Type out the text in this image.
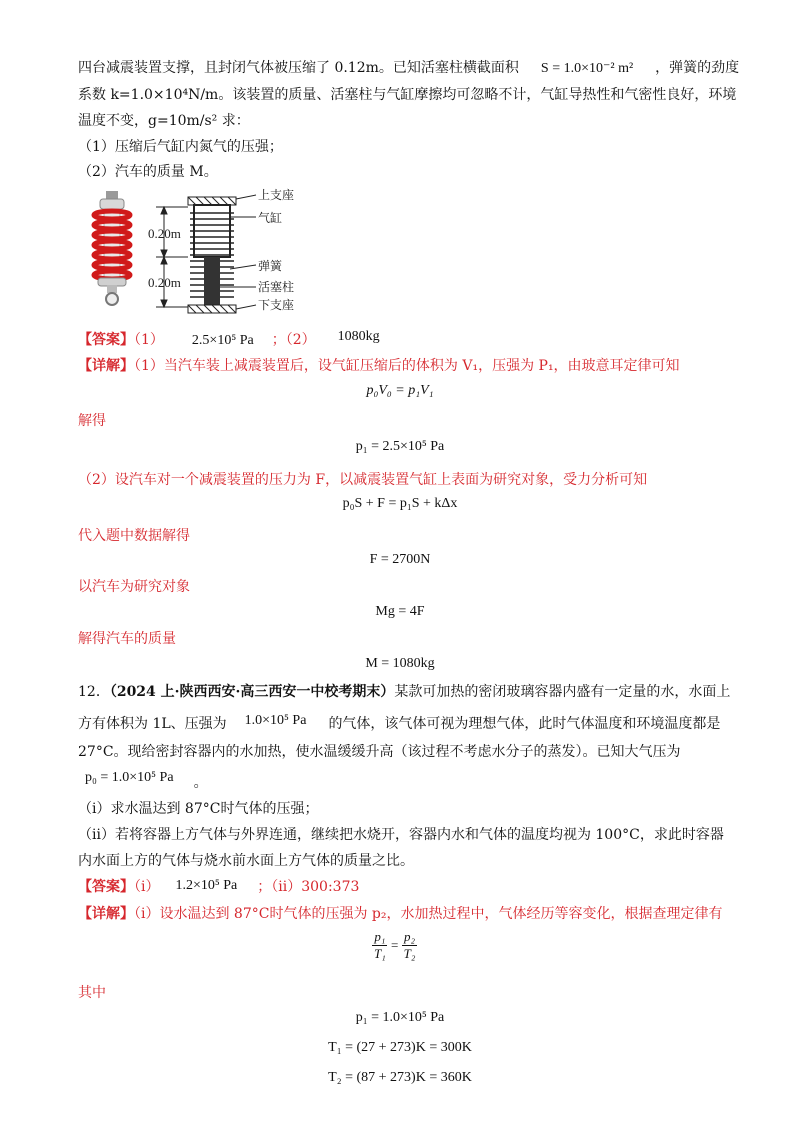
四台减震装置支撑，且封闭气体被压缩了 0.12m。已知活塞柱横截面积 S = 1.0×10⁻² m² ，弹簧的劲度
系数 k=1.0×10⁴N/m。该装置的质量、活塞柱与气缸摩擦均可忽略不计，气缸导热性和气密性良好，环境
温度不变，g=10m/s² 求：
（1）压缩后气缸内氮气的压强；
（2）汽车的质量 M。
0.20m
0.20m
上支座
气缸
弹簧
活塞柱
下支座
【答案】（1） 2.5×10⁵ Pa ；（2） 1080kg
【详解】（1）当汽车装上减震装置后，设气缸压缩后的体积为 V₁，压强为 P₁，由玻意耳定律可知
p₀V₀ = p₁V₁
解得
p₁ = 2.5×10⁵ Pa
（2）设汽车对一个减震装置的压力为 F，以减震装置气缸上表面为研究对象，受力分析可知
p₀S + F = p₁S + kΔx
代入题中数据解得
F = 2700N
以汽车为研究对象
Mg = 4F
解得汽车的质量
M = 1080kg
12．（2024 上·陕西西安·高三西安一中校考期末）某款可加热的密闭玻璃容器内盛有一定量的水，水面上
方有体积为 1L、压强为 1.0×10⁵ Pa 的气体，该气体可视为理想气体，此时气体温度和环境温度都是
27°C。现给密封容器内的水加热，使水温缓缓升高（该过程不考虑水分子的蒸发）。已知大气压为
p₀ = 1.0×10⁵ Pa 。
（ⅰ）求水温达到 87°C时气体的压强；
（ⅱ）若将容器上方气体与外界连通，继续把水烧开，容器内水和气体的温度均视为 100°C，求此时容器
内水面上方的气体与烧水前水面上方气体的质量之比。
【答案】（ⅰ） 1.2×10⁵ Pa ；（ⅱ）300:373
【详解】（ⅰ）设水温达到 87°C时气体的压强为 p₂，水加热过程中，气体经历等容变化，根据查理定律有
$\frac{\text{p₁}}{\text{T₁}} = \frac{\text{p₂}}{\text{T₂}}$
其中
p₁ = 1.0×10⁵ Pa
T₁ = (27 + 273)K = 300K
T₂ = (87 + 273)K = 360K
